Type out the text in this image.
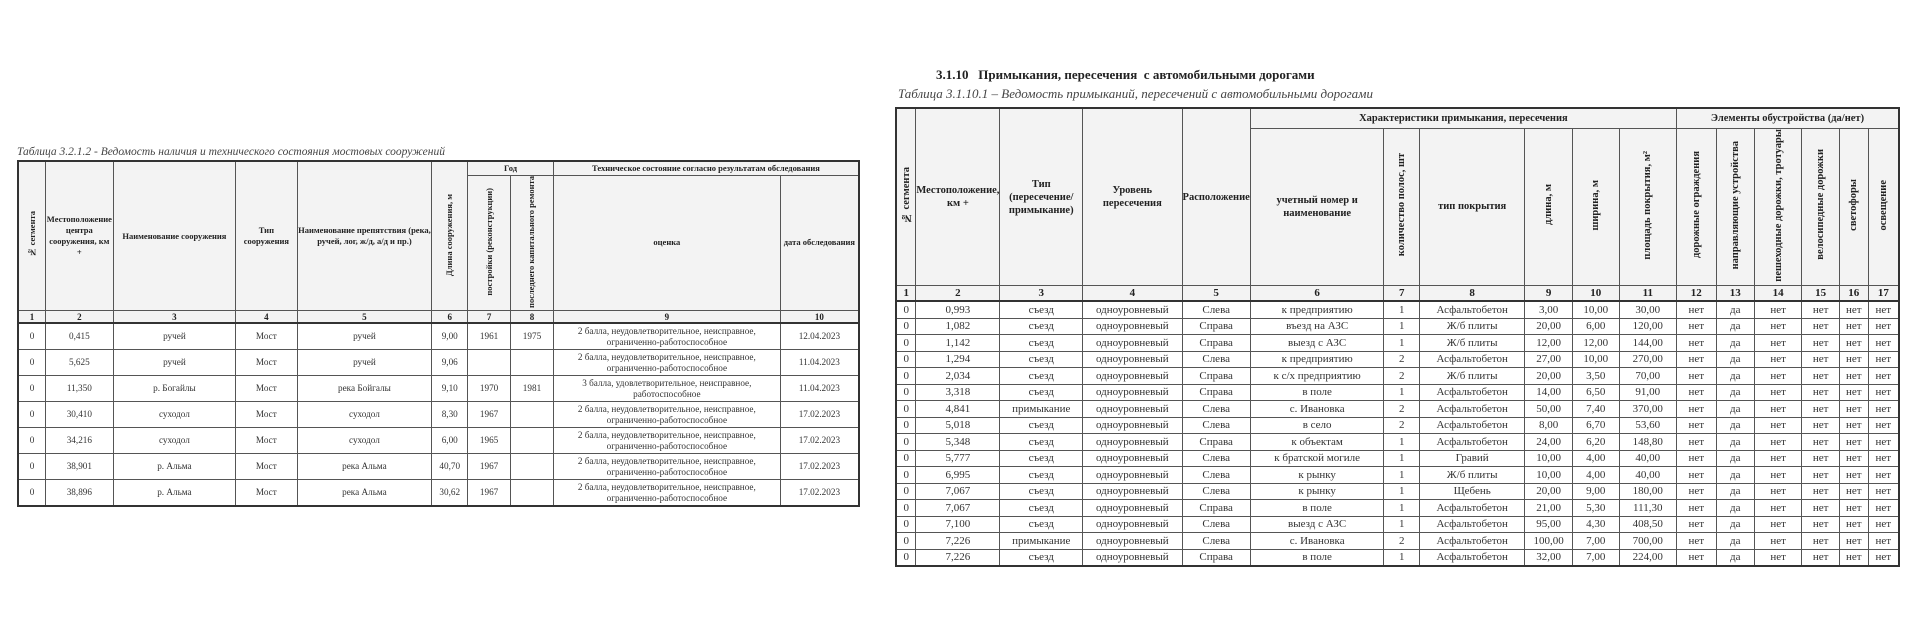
Таблица 3.2.1.2 - Ведомость наличия и технического состояния мостовых сооружений
№ сегмента	Местоположение центра сооружения, км +	Наименование сооружения	Тип сооружения	Наименование препятствия (река, ручей, лог, ж/д, а/д и пр.)	Длина сооружения, м	Год		Техническое состояние согласно результатам обследования	
						постройки (реконструкции)	последнего капитального ремонта	оценка	дата обследования
1	2	3	4	5	6	7	8	9	10
0	0,415	ручей	Мост	ручей	9,00	1961	1975	2 балла, неудовлетворительное, неисправное, ограниченно-работоспособное	12.04.2023
0	5,625	ручей	Мост	ручей	9,06			2 балла, неудовлетворительное, неисправное, ограниченно-работоспособное	11.04.2023
0	11,350	р. Богайлы	Мост	река Бойгалы	9,10	1970	1981	3 балла, удовлетворительное, неисправное, работоспособное	11.04.2023
0	30,410	суходол	Мост	суходол	8,30	1967		2 балла, неудовлетворительное, неисправное, ограниченно-работоспособное	17.02.2023
0	34,216	суходол	Мост	суходол	6,00	1965		2 балла, неудовлетворительное, неисправное, ограниченно-работоспособное	17.02.2023
0	38,901	р. Альма	Мост	река Альма	40,70	1967		2 балла, неудовлетворительное, неисправное, ограниченно-работоспособное	17.02.2023
0	38,896	р. Альма	Мост	река Альма	30,62	1967		2 балла, неудовлетворительное, неисправное, ограниченно-работоспособное	17.02.2023
3.1.10   Примыкания, пересечения  с автомобильными дорогами
Таблица 3.1.10.1 – Ведомость примыканий, пересечений с автомобильными дорогами
№ сегмента	Местоположение, км +	Тип (пересечение/ примыкание)	Уровень пересечения	Расположение	Характеристики примыкания, пересечения						Элементы обустройства (да/нет)					
					учетный номер и наименование	количество полос, шт	тип покрытия	длина, м	ширина, м	площадь покрытия, м²	дорожные ограждения	направляющие устройства	пешеходные дорожки, тротуары	велосипедные дорожки	светофоры	освещение
1	2	3	4	5	6	7	8	9	10	11	12	13	14	15	16	17
0	0,993	съезд	одноуровневый	Слева	к предприятию	1	Асфальтобетон	3,00	10,00	30,00	нет	да	нет	нет	нет	нет
0	1,082	съезд	одноуровневый	Справа	въезд на АЗС	1	Ж/б плиты	20,00	6,00	120,00	нет	да	нет	нет	нет	нет
0	1,142	съезд	одноуровневый	Справа	выезд с АЗС	1	Ж/б плиты	12,00	12,00	144,00	нет	да	нет	нет	нет	нет
0	1,294	съезд	одноуровневый	Слева	к предприятию	2	Асфальтобетон	27,00	10,00	270,00	нет	да	нет	нет	нет	нет
0	2,034	съезд	одноуровневый	Справа	к с/х предприятию	2	Ж/б плиты	20,00	3,50	70,00	нет	да	нет	нет	нет	нет
0	3,318	съезд	одноуровневый	Справа	в поле	1	Асфальтобетон	14,00	6,50	91,00	нет	да	нет	нет	нет	нет
0	4,841	примыкание	одноуровневый	Слева	с. Ивановка	2	Асфальтобетон	50,00	7,40	370,00	нет	да	нет	нет	нет	нет
0	5,018	съезд	одноуровневый	Слева	в село	2	Асфальтобетон	8,00	6,70	53,60	нет	да	нет	нет	нет	нет
0	5,348	съезд	одноуровневый	Справа	к объектам	1	Асфальтобетон	24,00	6,20	148,80	нет	да	нет	нет	нет	нет
0	5,777	съезд	одноуровневый	Слева	к братской могиле	1	Гравий	10,00	4,00	40,00	нет	да	нет	нет	нет	нет
0	6,995	съезд	одноуровневый	Слева	к рынку	1	Ж/б плиты	10,00	4,00	40,00	нет	да	нет	нет	нет	нет
0	7,067	съезд	одноуровневый	Слева	к рынку	1	Щебень	20,00	9,00	180,00	нет	да	нет	нет	нет	нет
0	7,067	съезд	одноуровневый	Справа	в поле	1	Асфальтобетон	21,00	5,30	111,30	нет	да	нет	нет	нет	нет
0	7,100	съезд	одноуровневый	Слева	выезд с АЗС	1	Асфальтобетон	95,00	4,30	408,50	нет	да	нет	нет	нет	нет
0	7,226	примыкание	одноуровневый	Слева	с. Ивановка	2	Асфальтобетон	100,00	7,00	700,00	нет	да	нет	нет	нет	нет
0	7,226	съезд	одноуровневый	Справа	в поле	1	Асфальтобетон	32,00	7,00	224,00	нет	да	нет	нет	нет	нет
